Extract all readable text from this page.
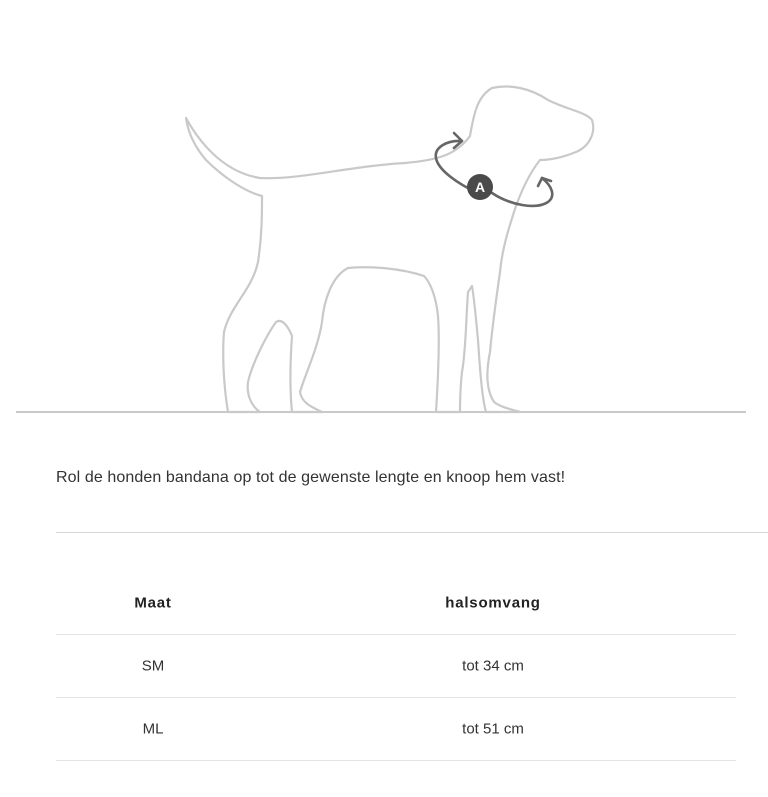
A

Rol de honden bandana op tot de gewenste lengte en knoop hem vast!

Maat	halsomvang
SM	tot 34 cm
ML	tot 51 cm
